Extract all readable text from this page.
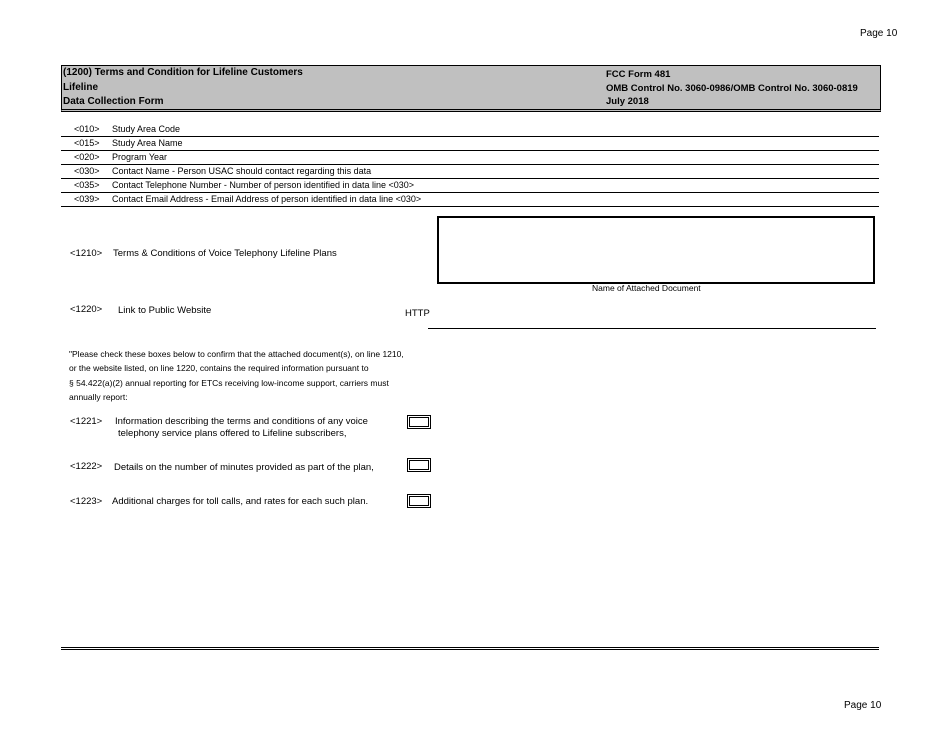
Page 10
(1200) Terms and Condition for Lifeline Customers
Lifeline
Data Collection Form
FCC Form 481
OMB Control No. 3060-0986/OMB Control No. 3060-0819
July 2018
<010> Study Area Code
<015> Study Area Name
<020> Program Year
<030> Contact Name - Person USAC should contact regarding this data
<035> Contact Telephone Number - Number of person identified in data line <030>
<039> Contact Email Address - Email Address of person identified in data line <030>
<1210> Terms & Conditions of Voice Telephony Lifeline Plans
Name of Attached Document
<1220> Link to Public Website	HTTP
"Please check these boxes below to confirm that the attached document(s), on line 1210,
or the website listed, on line 1220, contains the required information pursuant to
§ 54.422(a)(2) annual reporting for ETCs receiving low-income support, carriers must
annually report:
<1221> Information describing the terms and conditions of any voice
telephony service plans offered to Lifeline subscribers,
<1222> Details on the number of minutes provided as part of the plan,
<1223> Additional charges for toll calls, and rates for each such plan.
Page 10
